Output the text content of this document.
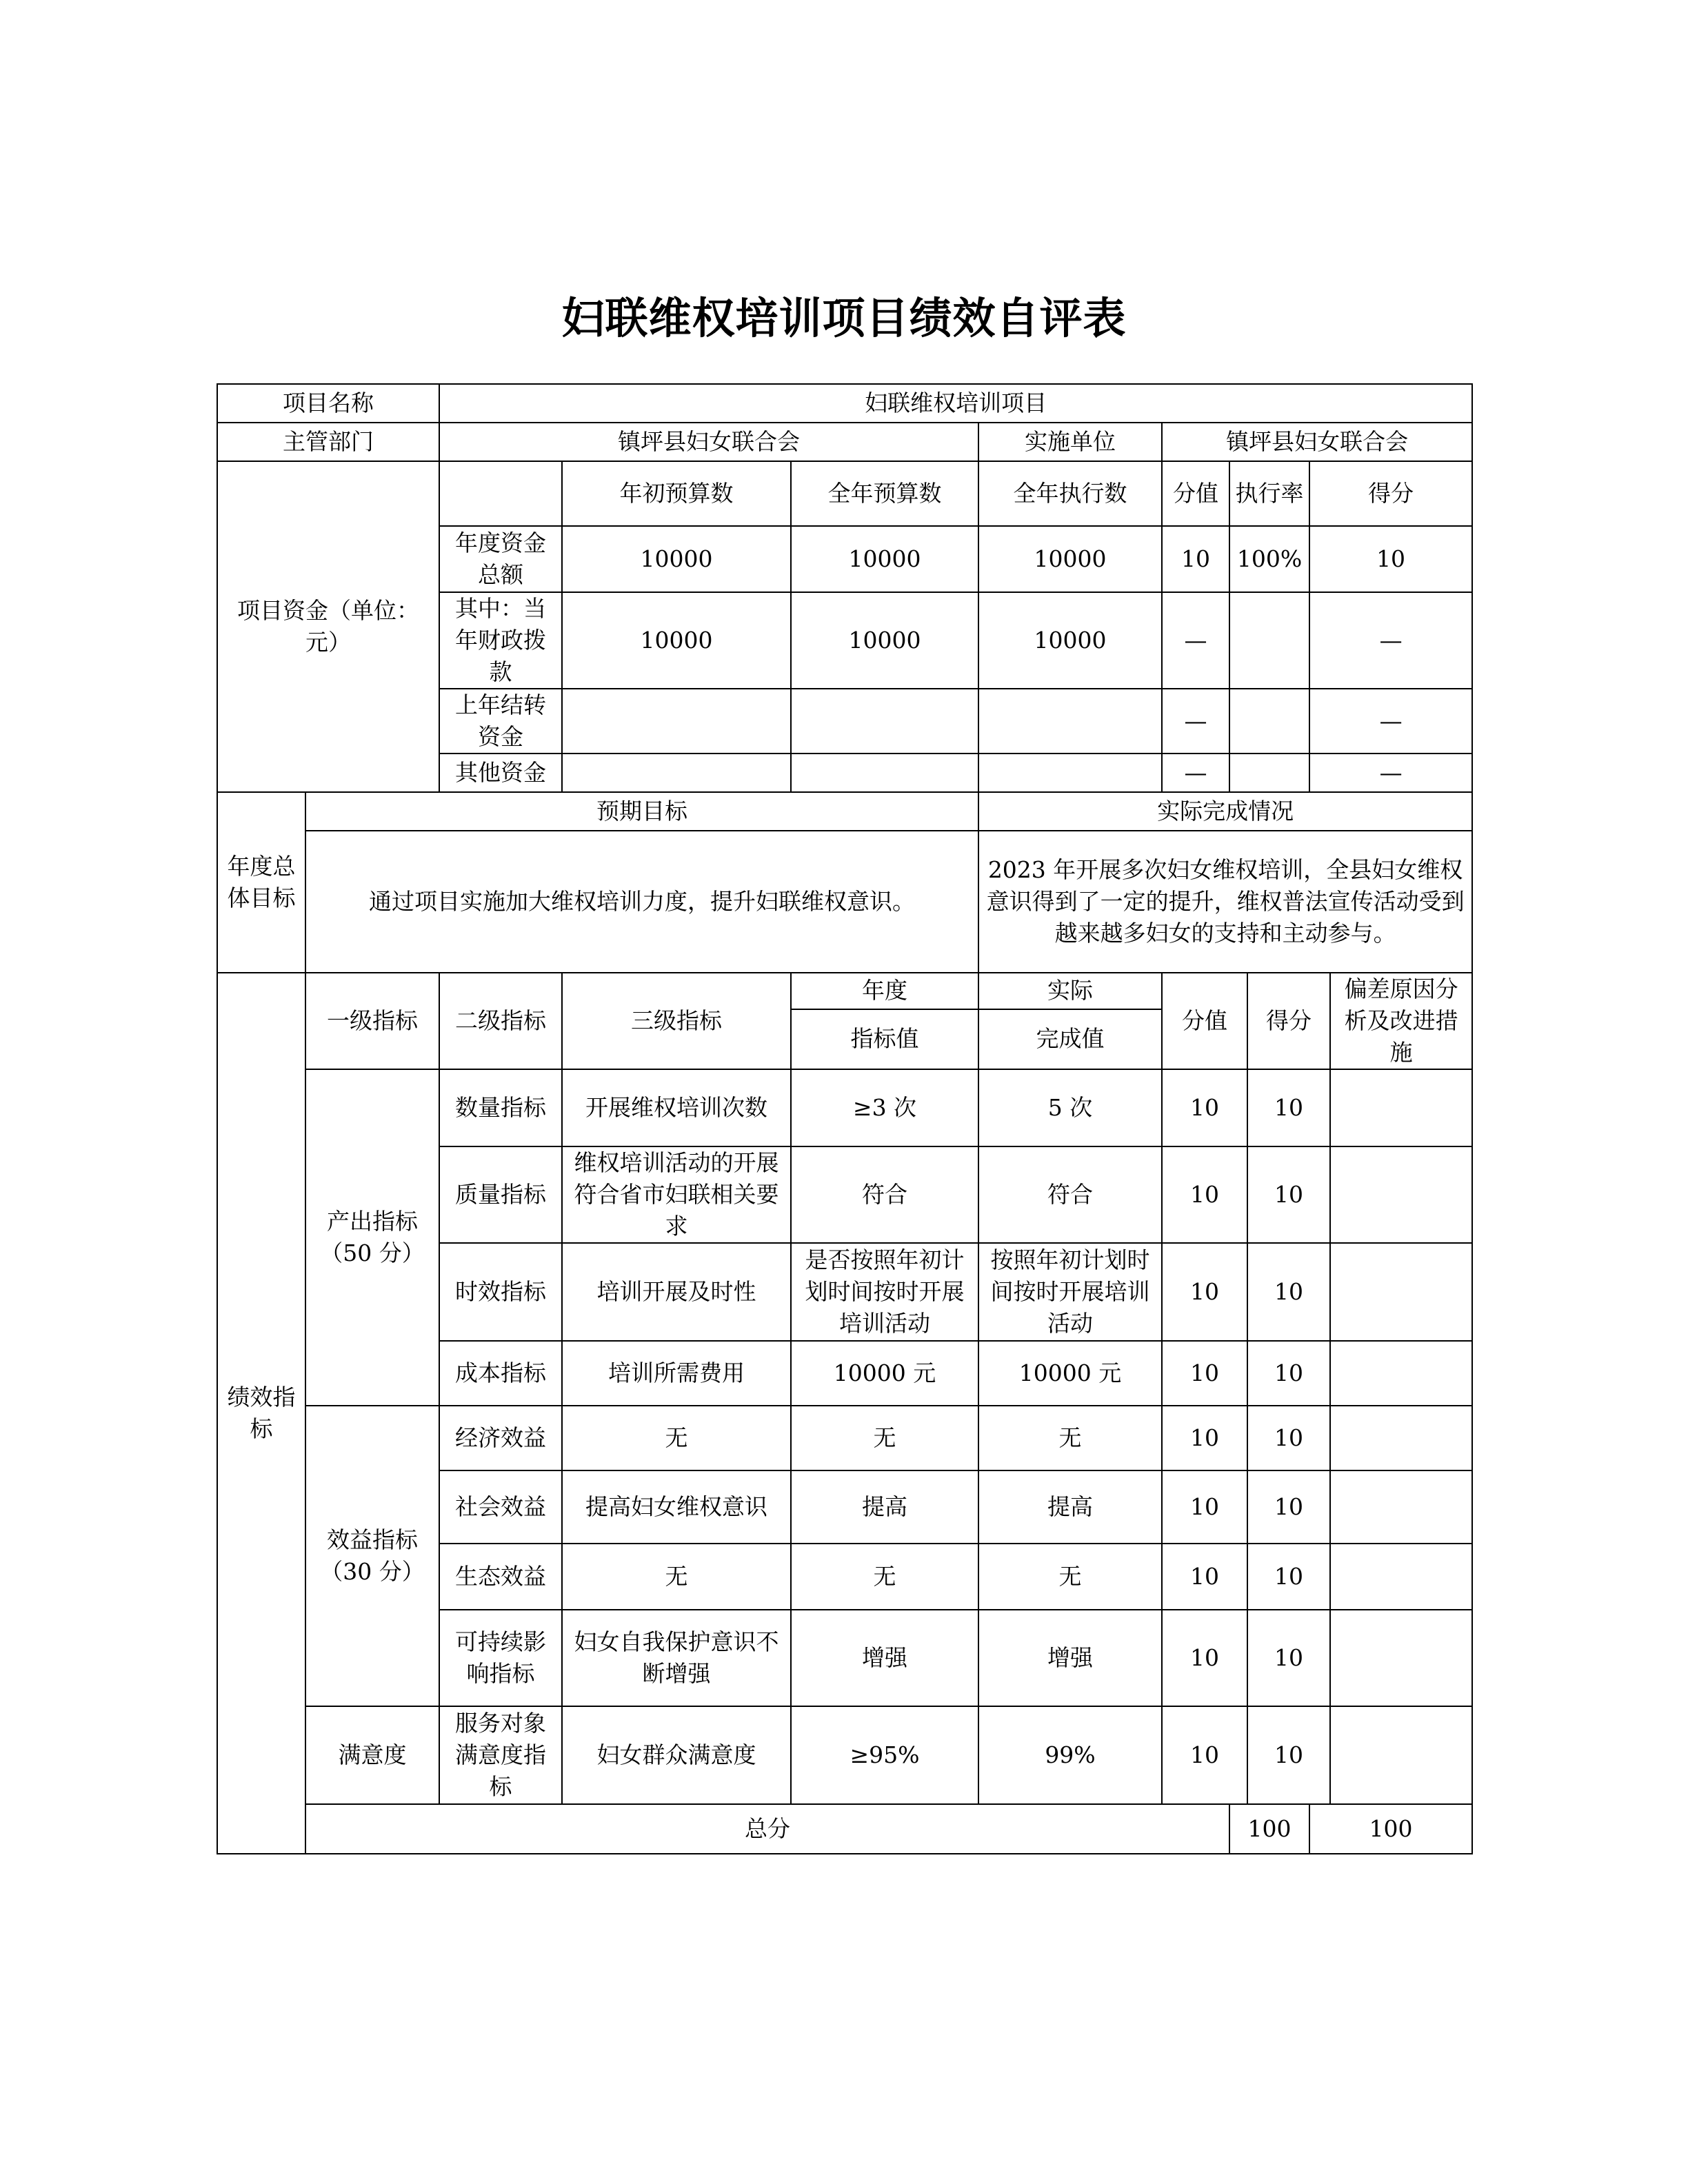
妇联维权培训项目绩效自评表
项目名称		妇联维权培训项目									
主管部门		镇坪县妇女联合会			实施单位	镇坪县妇女联合会					
项目资金（单位：元）			年初预算数	全年预算数	全年执行数	分值	执行率		得分		
		年度资金总额	10000	10000	10000	10	100%		10		
		其中：当年财政拨款	10000	10000	10000	—			—		
		上年结转资金				—			—		
		其他资金				—			—		
年度总体目标	预期目标				实际完成情况						
	通过项目实施加大维权培训力度，提升妇联维权意识。				2023 年开展多次妇女维权培训，全县妇女维权意识得到了一定的提升，维权普法宣传活动受到越来越多妇女的支持和主动参与。						
绩效指标	一级指标	二级指标	三级指标	年度	实际	分值		得分		偏差原因分析及改进措施	
				指标值	完成值						
	产出指标（50 分）	数量指标	开展维权培训次数	≥3 次	5 次	10		10			
		质量指标	维权培训活动的开展符合省市妇联相关要求	符合	符合	10		10			
		时效指标	培训开展及时性	是否按照年初计划时间按时开展培训活动	按照年初计划时间按时开展培训活动	10		10			
		成本指标	培训所需费用	10000 元	10000 元	10		10			
	效益指标（30 分）	经济效益	无	无	无	10		10			
		社会效益	提高妇女维权意识	提高	提高	10		10			
		生态效益	无	无	无	10		10			
		可持续影响指标	妇女自我保护意识不断增强	增强	增强	10		10			
	满意度	服务对象满意度指标	妇女群众满意度	≥95%	99%	10		10			
	总分						100		100		
